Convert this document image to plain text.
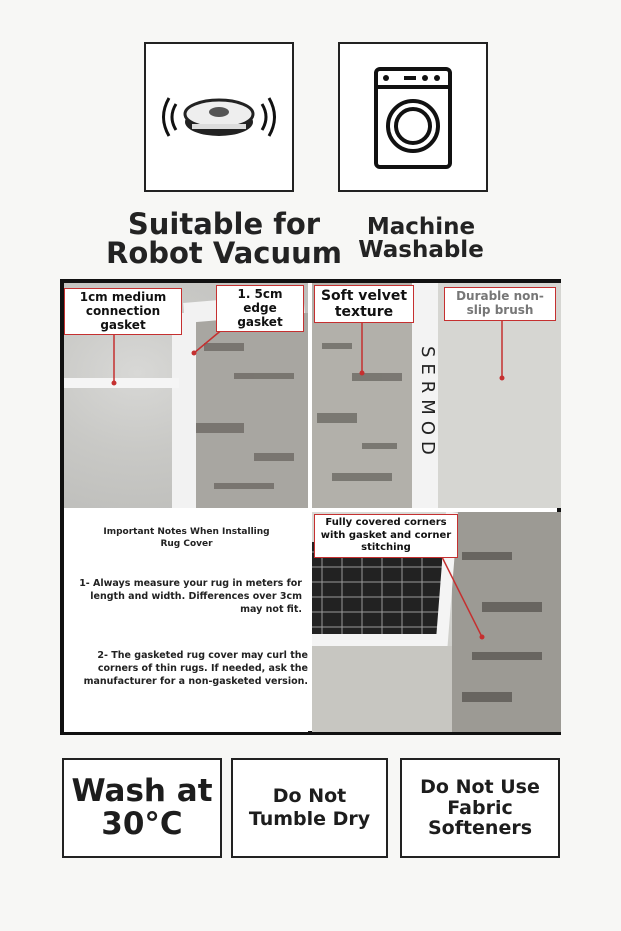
Suitable for Robot Vacuum
Machine Washable
1cm medium connection gasket
1. 5cm edge gasket
SERMOD
Soft velvet texture
Durable non-slip brush
Important Notes When Installing Rug Cover
1- Always measure your rug in meters for length and width. Differences over 3cm may not fit.
2- The gasketed rug cover may curl the corners of thin rugs. If needed, ask the manufacturer for a non-gasketed version.
Fully covered corners with gasket and corner stitching
Wash at 30°C
Do Not Tumble Dry
Do Not Use Fabric Softeners
